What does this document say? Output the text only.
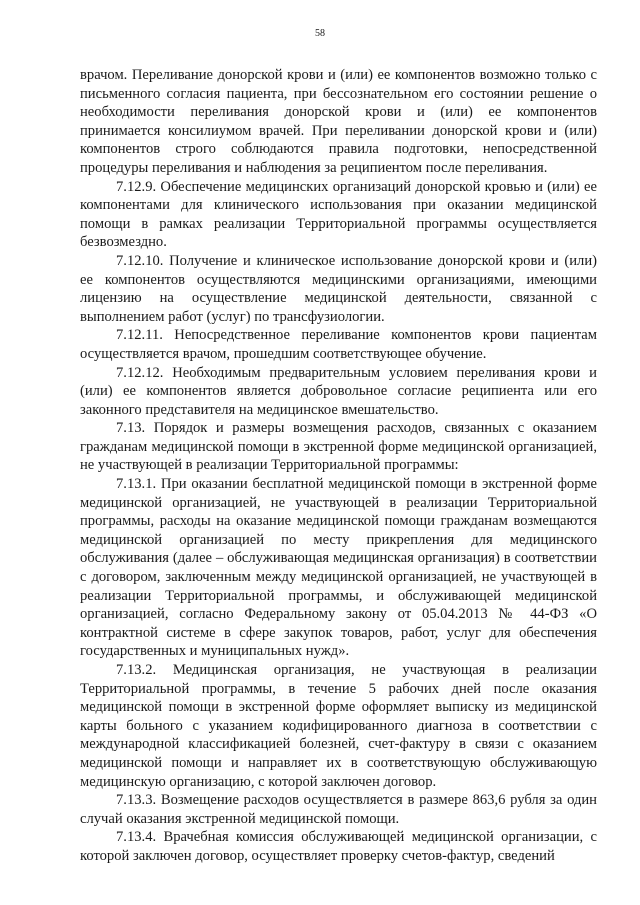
58

врачом. Переливание донорской крови и (или) ее компонентов возможно только с письменного согласия пациента, при бессознательном его состоянии решение о необходимости переливания донорской крови и (или) ее компонентов принимается консилиумом врачей. При переливании донорской крови и (или) компонентов строго соблюдаются правила подготовки, непосредственной процедуры переливания и наблюдения за реципиентом после переливания.

7.12.9. Обеспечение медицинских организаций донорской кровью и (или) ее компонентами для клинического использования при оказании медицинской помощи в рамках реализации Территориальной программы осуществляется безвозмездно.

7.12.10. Получение и клиническое использование донорской крови и (или) ее компонентов осуществляются медицинскими организациями, имеющими лицензию на осуществление медицинской деятельности, связанной с выполнением работ (услуг) по трансфузиологии.

7.12.11. Непосредственное переливание компонентов крови пациентам осуществляется врачом, прошедшим соответствующее обучение.

7.12.12. Необходимым предварительным условием переливания крови и (или) ее компонентов является добровольное согласие реципиента или его законного представителя на медицинское вмешательство.

7.13. Порядок и размеры возмещения расходов, связанных с оказанием гражданам медицинской помощи в экстренной форме медицинской организацией, не участвующей в реализации Территориальной программы:

7.13.1. При оказании бесплатной медицинской помощи в экстренной форме медицинской организацией, не участвующей в реализации Территориальной программы, расходы на оказание медицинской помощи гражданам возмещаются медицинской организацией по месту прикрепления для медицинского обслуживания (далее – обслуживающая медицинская организация) в соответствии с договором, заключенным между медицинской организацией, не участвующей в реализации Территориальной программы, и обслуживающей медицинской организацией, согласно Федеральному закону от 05.04.2013 № 44-ФЗ «О контрактной системе в сфере закупок товаров, работ, услуг для обеспечения государственных и муниципальных нужд».

7.13.2. Медицинская организация, не участвующая в реализации Территориальной программы, в течение 5 рабочих дней после оказания медицинской помощи в экстренной форме оформляет выписку из медицинской карты больного с указанием кодифицированного диагноза в соответствии с международной классификацией болезней, счет-фактуру в связи с оказанием медицинской помощи и направляет их в соответствующую обслуживающую медицинскую организацию, с которой заключен договор.

7.13.3. Возмещение расходов осуществляется в размере 863,6 рубля за один случай оказания экстренной медицинской помощи.

7.13.4. Врачебная комиссия обслуживающей медицинской организации, с которой заключен договор, осуществляет проверку счетов-фактур, сведений
